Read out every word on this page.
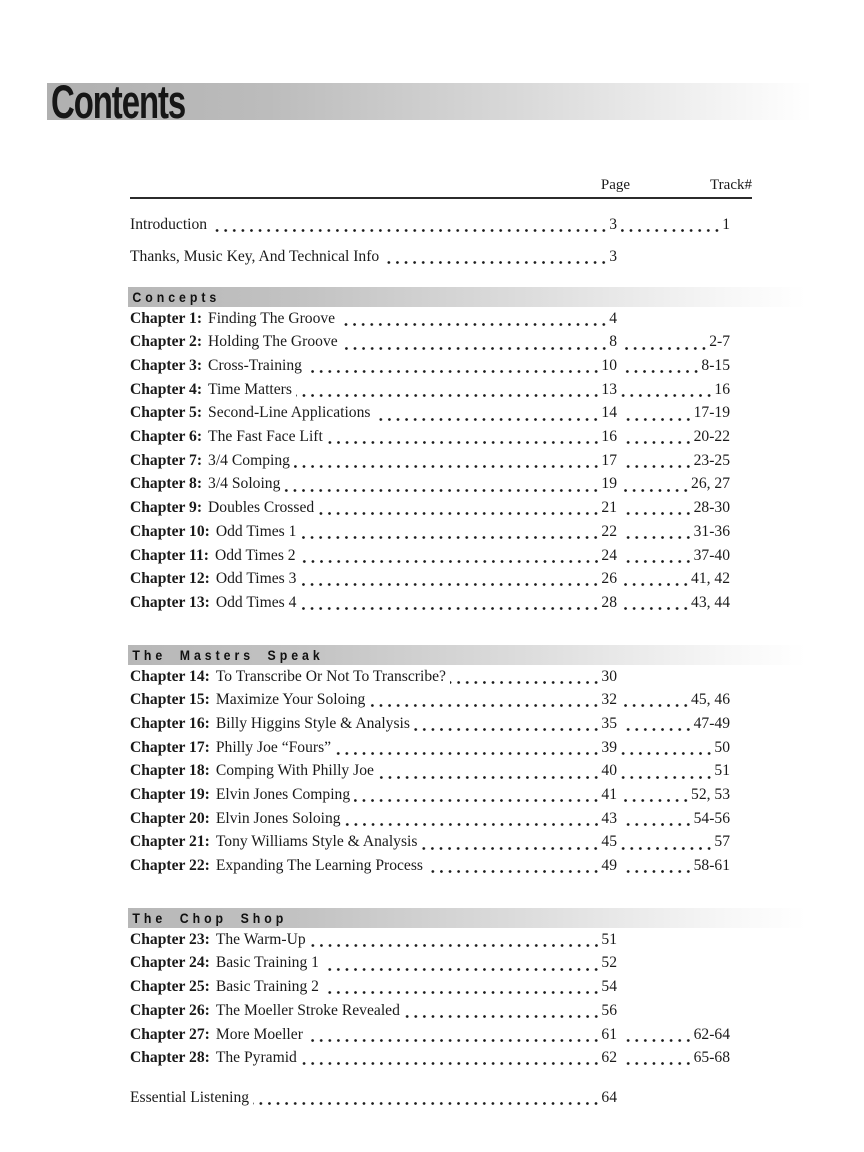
Contents
Page	Track#
Introduction	3	1
Thanks, Music Key, And Technical Info	3
Concepts
Chapter 1: Finding The Groove	4
Chapter 2: Holding The Groove	8	2-7
Chapter 3: Cross-Training	10	8-15
Chapter 4: Time Matters	13	16
Chapter 5: Second-Line Applications	14	17-19
Chapter 6: The Fast Face Lift	16	20-22
Chapter 7: 3/4 Comping	17	23-25
Chapter 8: 3/4 Soloing	19	26, 27
Chapter 9: Doubles Crossed	21	28-30
Chapter 10: Odd Times 1	22	31-36
Chapter 11: Odd Times 2	24	37-40
Chapter 12: Odd Times 3	26	41, 42
Chapter 13: Odd Times 4	28	43, 44
The Masters Speak
Chapter 14: To Transcribe Or Not To Transcribe?	30
Chapter 15: Maximize Your Soloing	32	45, 46
Chapter 16: Billy Higgins Style & Analysis	35	47-49
Chapter 17: Philly Joe “Fours”	39	50
Chapter 18: Comping With Philly Joe	40	51
Chapter 19: Elvin Jones Comping	41	52, 53
Chapter 20: Elvin Jones Soloing	43	54-56
Chapter 21: Tony Williams Style & Analysis	45	57
Chapter 22: Expanding The Learning Process	49	58-61
The Chop Shop
Chapter 23: The Warm-Up	51
Chapter 24: Basic Training 1	52
Chapter 25: Basic Training 2	54
Chapter 26: The Moeller Stroke Revealed	56
Chapter 27: More Moeller	61	62-64
Chapter 28: The Pyramid	62	65-68
Essential Listening	64
